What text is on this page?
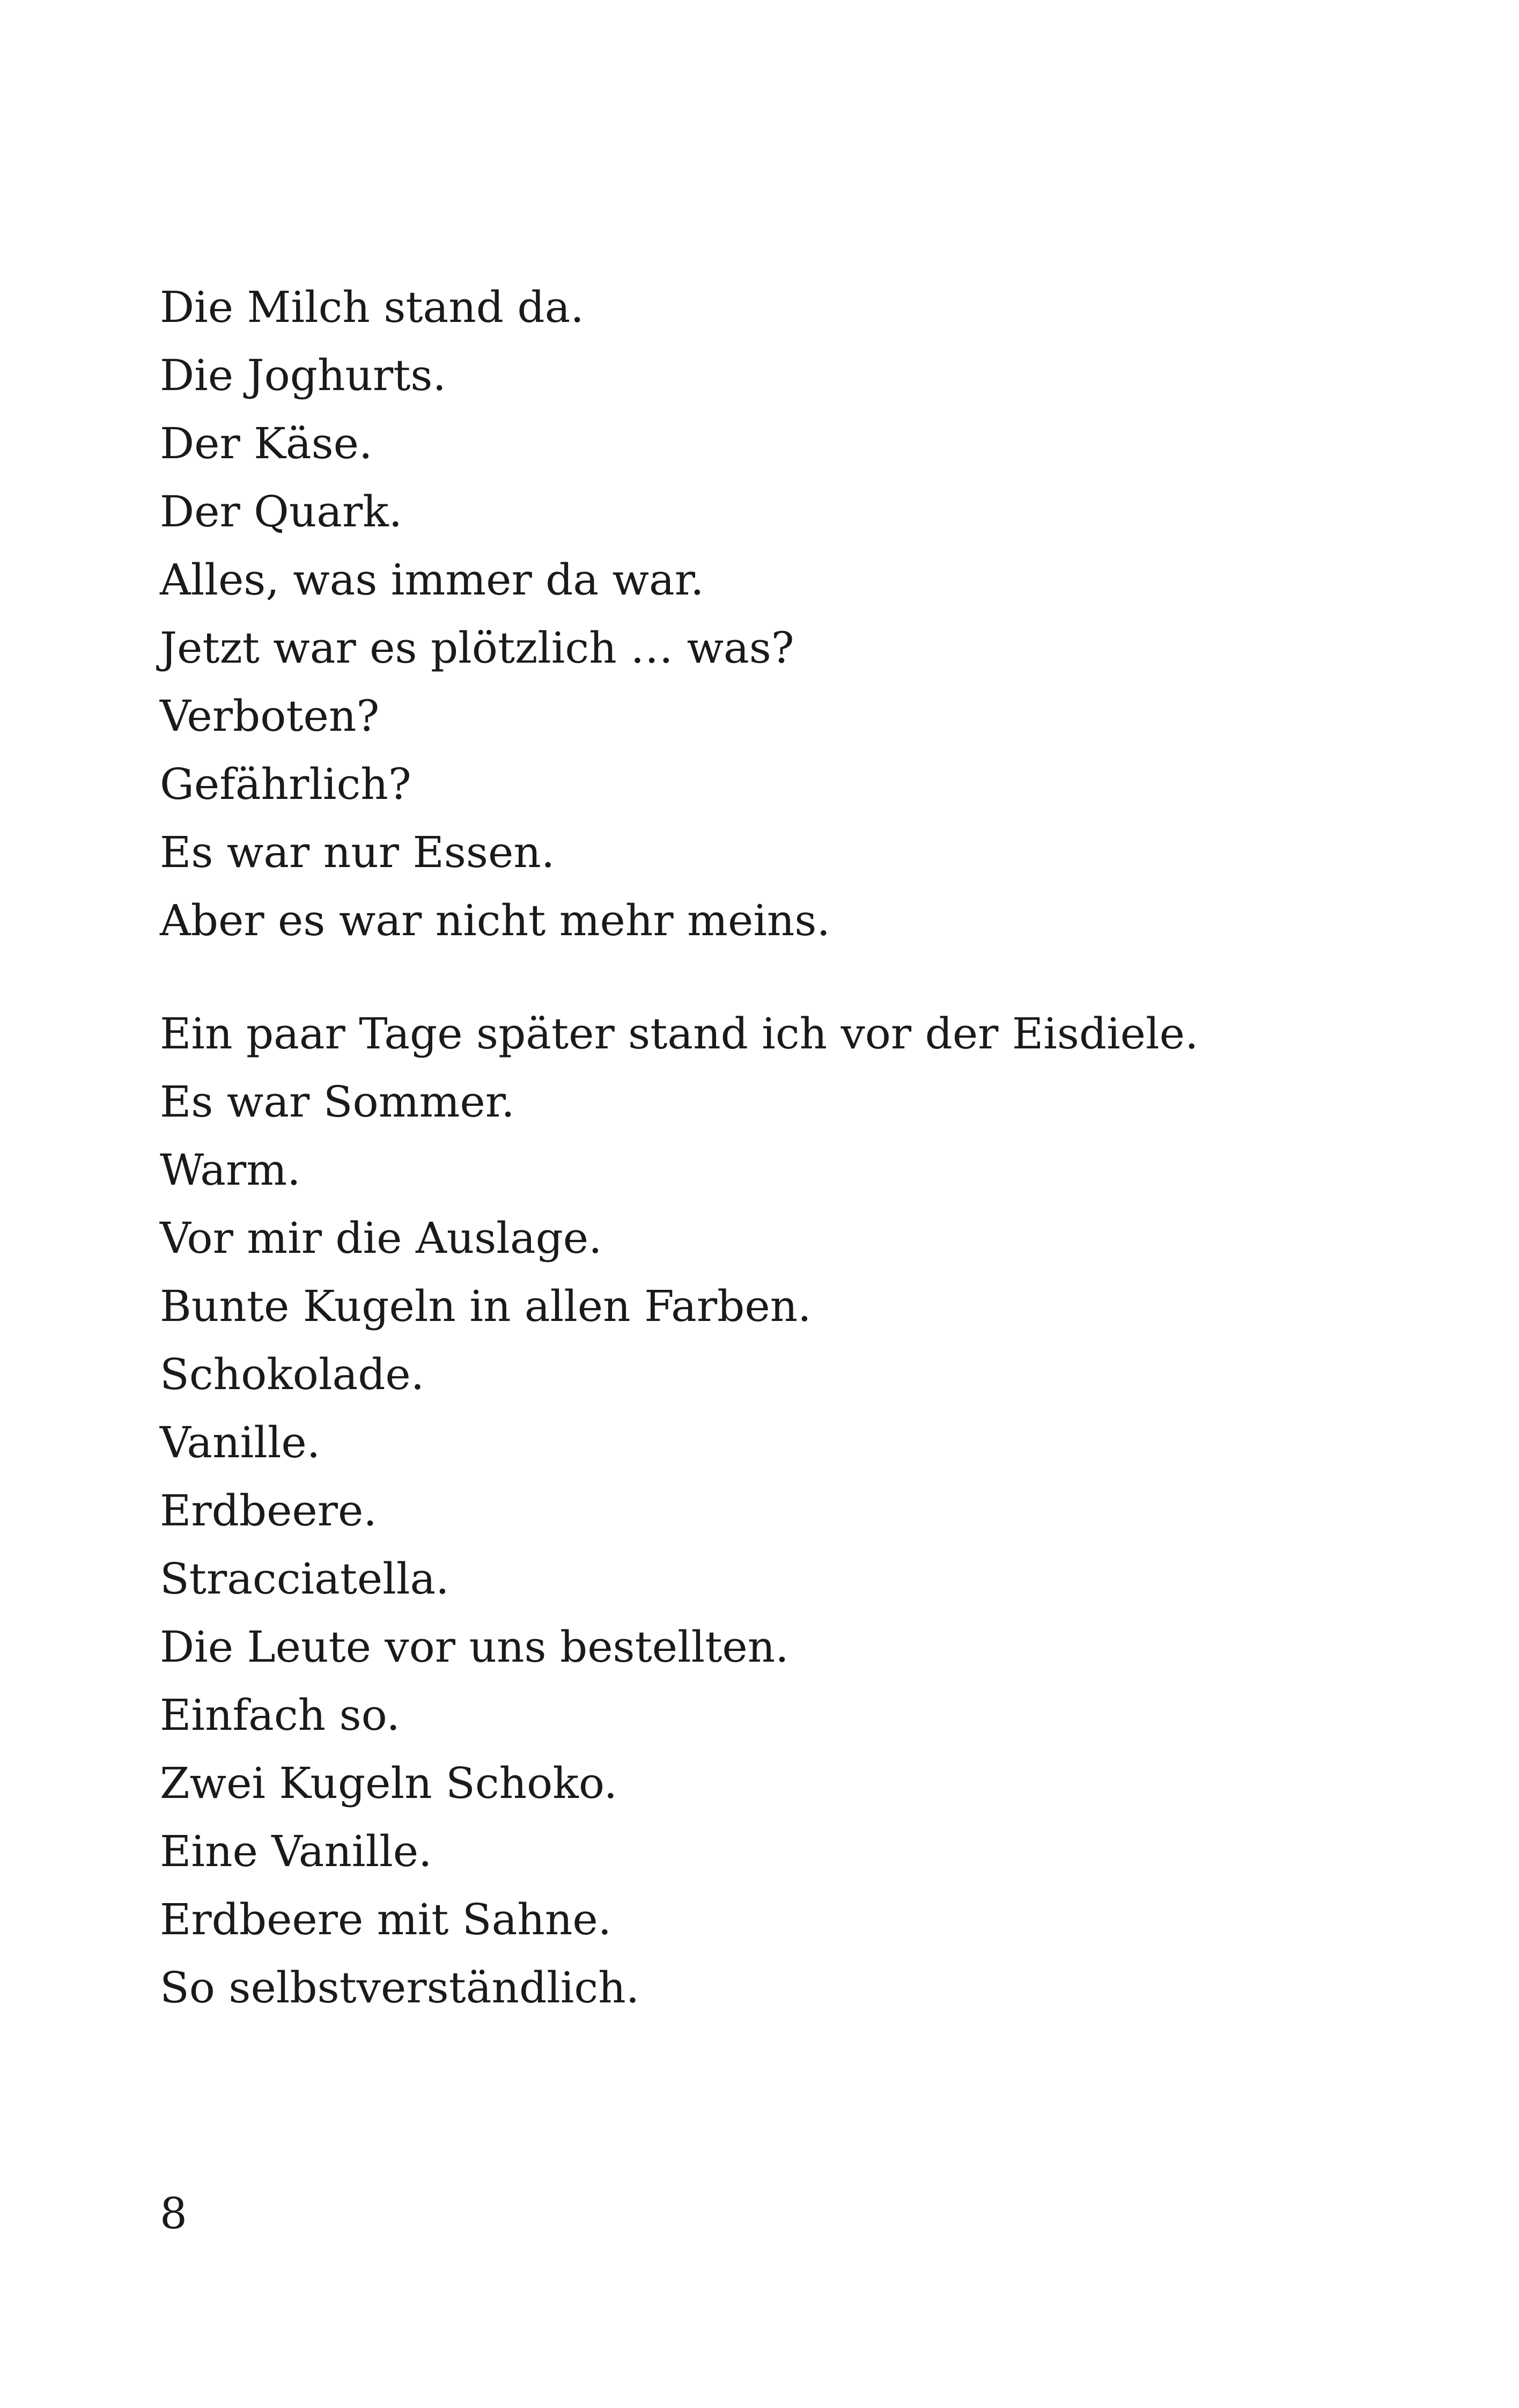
Die Milch stand da.

Die Joghurts.

Der Käse.

Der Quark.

Alles, was immer da war.

Jetzt war es plötzlich … was?

Verboten?

Gefährlich?

Es war nur Essen.

Aber es war nicht mehr meins.

Ein paar Tage später stand ich vor der Eisdiele.

Es war Sommer.

Warm.

Vor mir die Auslage.

Bunte Kugeln in allen Farben.

Schokolade.

Vanille.

Erdbeere.

Stracciatella.

Die Leute vor uns bestellten.

Einfach so.

Zwei Kugeln Schoko.

Eine Vanille.

Erdbeere mit Sahne.

So selbstverständlich.

8
